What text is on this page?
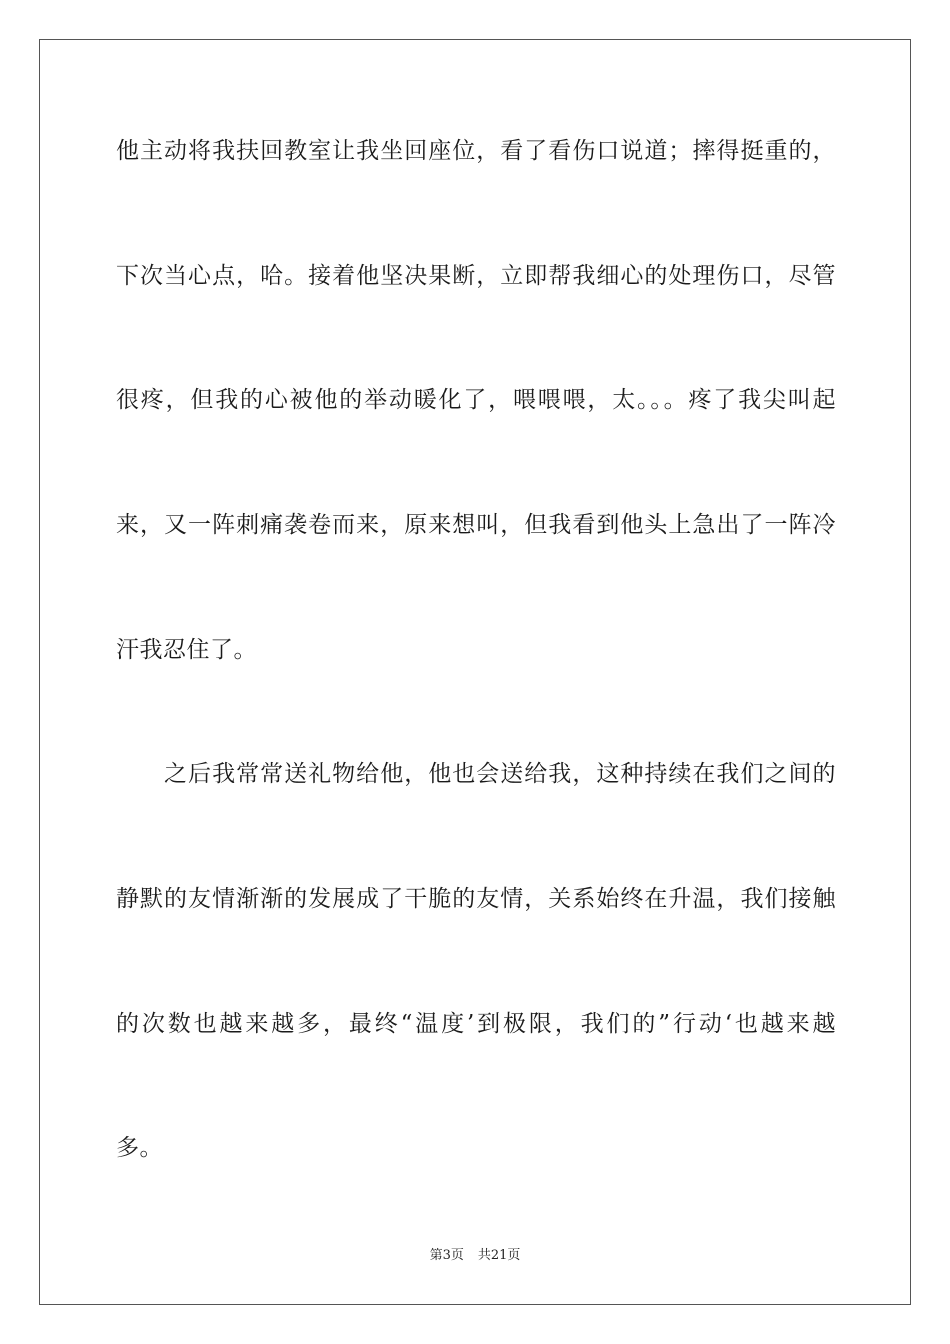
他主动将我扶回教室让我坐回座位，看了看伤口说道；摔得挺重的，
下次当心点，哈。接着他坚决果断，立即帮我细心的处理伤口，尽管
很疼，但我的心被他的举动暖化了，喂喂喂，太。。。疼了我尖叫起
来，又一阵刺痛袭卷而来，原来想叫，但我看到他头上急出了一阵冷
汗我忍住了。
　　之后我常常送礼物给他，他也会送给我，这种持续在我们之间的
静默的友情渐渐的发展成了干脆的友情，关系始终在升温，我们接触
的次数也越来越多，最终“温度’到极限，我们的”行动‘也越来越
多。
第3页 共21页
